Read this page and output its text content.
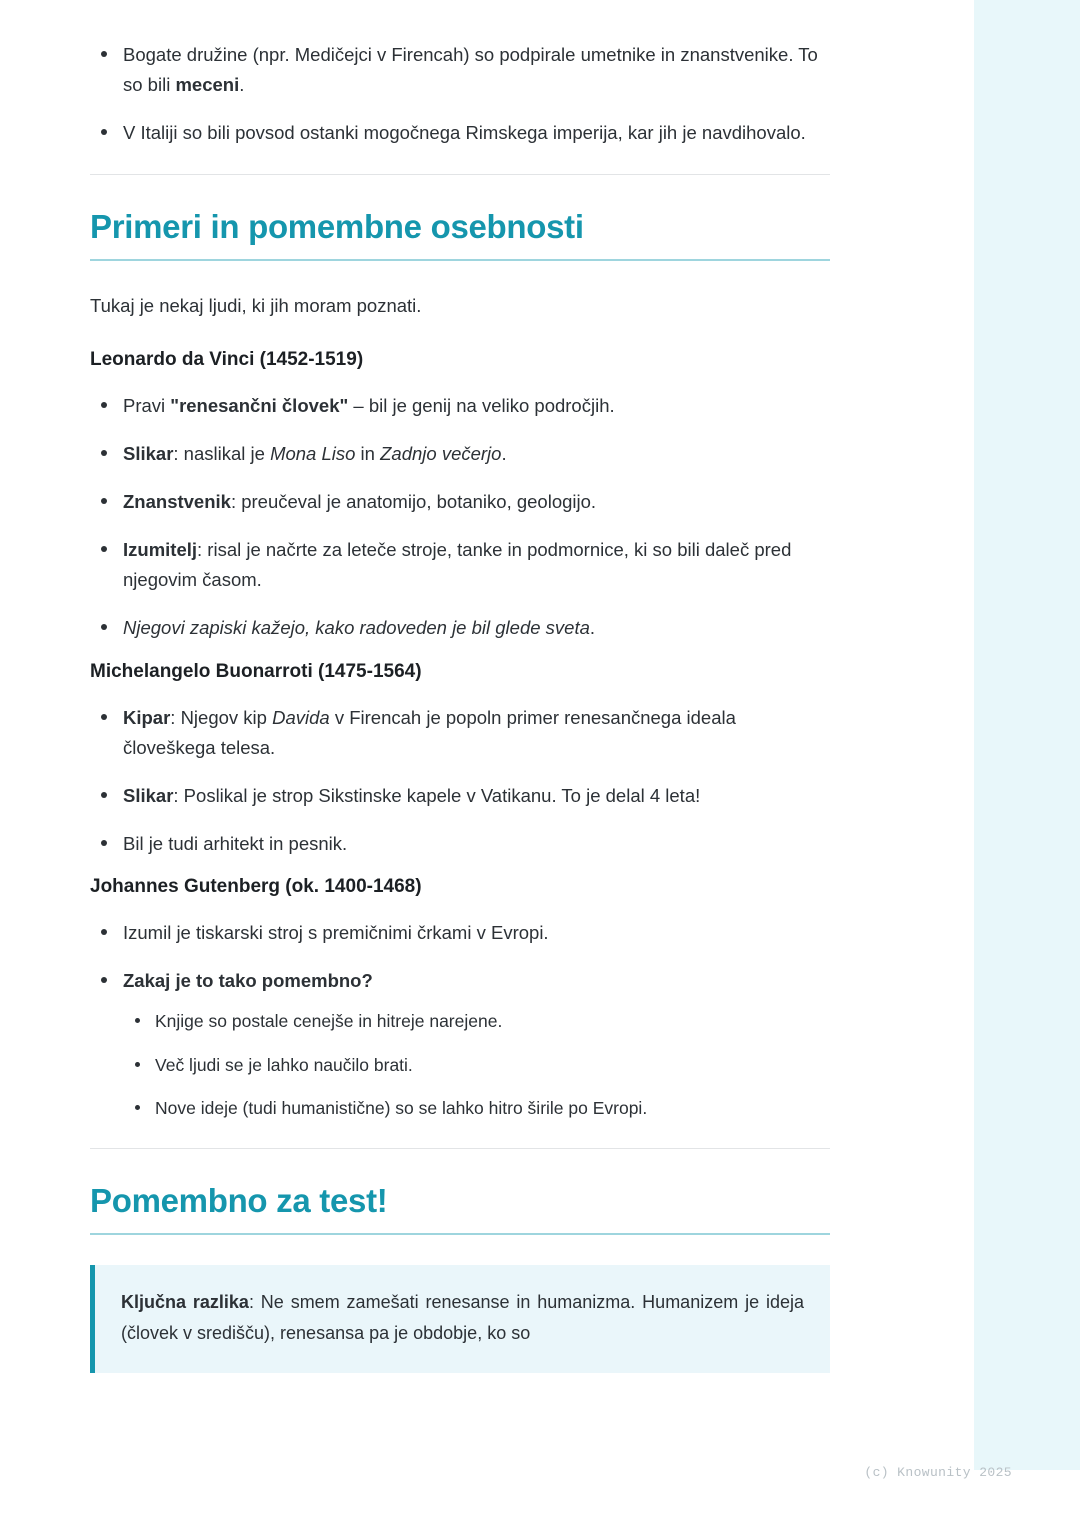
Bogate družine (npr. Medičejci v Firencah) so podpirale umetnike in znanstvenike. To so bili meceni.
V Italiji so bili povsod ostanki mogočnega Rimskega imperija, kar jih je navdihovalo.
Primeri in pomembne osebnosti

Tukaj je nekaj ljudi, ki jih moram poznati.

Leonardo da Vinci (1452-1519)
Pravi "renesančni človek" – bil je genij na veliko področjih.
Slikar: naslikal je Mona Liso in Zadnjo večerjo.
Znanstvenik: preučeval je anatomijo, botaniko, geologijo.
Izumitelj: risal je načrte za leteče stroje, tanke in podmornice, ki so bili daleč pred njegovim časom.
Njegovi zapiski kažejo, kako radoveden je bil glede sveta.
Michelangelo Buonarroti (1475-1564)
Kipar: Njegov kip Davida v Firencah je popoln primer renesančnega ideala človeškega telesa.
Slikar: Poslikal je strop Sikstinske kapele v Vatikanu. To je delal 4 leta!
Bil je tudi arhitekt in pesnik.
Johannes Gutenberg (ok. 1400-1468)
Izumil je tiskarski stroj s premičnimi črkami v Evropi.
Zakaj je to tako pomembno?
Knjige so postale cenejše in hitreje narejene.
Več ljudi se je lahko naučilo brati.
Nove ideje (tudi humanistične) so se lahko hitro širile po Evropi.
Pomembno za test!

Ključna razlika: Ne smem zamešati renesanse in humanizma. Humanizem je ideja (človek v središču), renesansa pa je obdobje, ko so

(c) Knowunity 2025
